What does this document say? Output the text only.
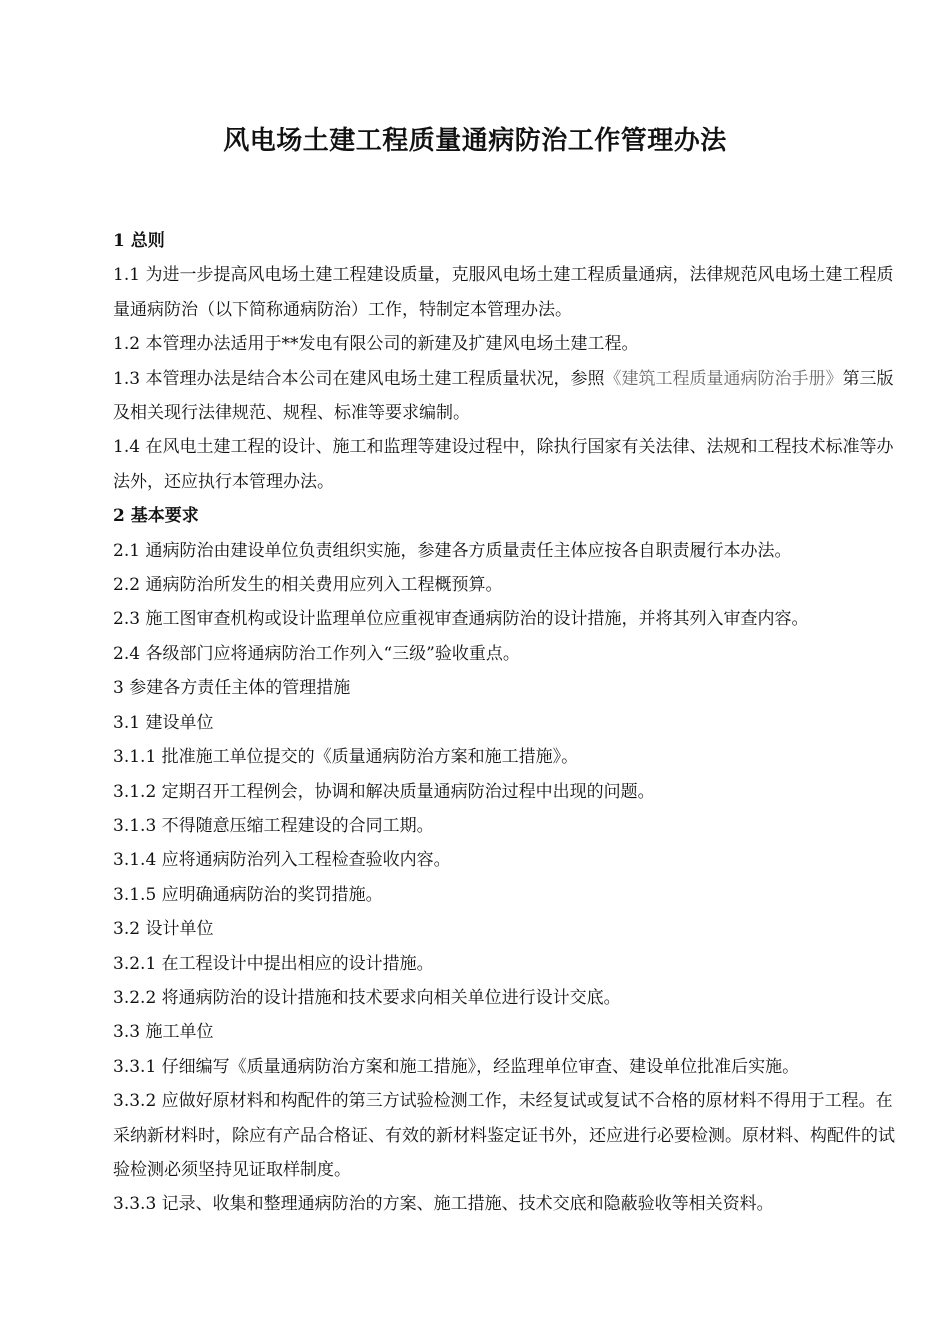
风电场土建工程质量通病防治工作管理办法

1 总则

1.1 为进一步提高风电场土建工程建设质量，克服风电场土建工程质量通病，法律规范风电场土建工程质量通病防治（以下简称通病防治）工作，特制定本管理办法。

1.2 本管理办法适用于**发电有限公司的新建及扩建风电场土建工程。

1.3 本管理办法是结合本公司在建风电场土建工程质量状况，参照《建筑工程质量通病防治手册》第三版及相关现行法律规范、规程、标准等要求编制。

1.4 在风电土建工程的设计、施工和监理等建设过程中，除执行国家有关法律、法规和工程技术标准等办法外，还应执行本管理办法。

2 基本要求

2.1 通病防治由建设单位负责组织实施，参建各方质量责任主体应按各自职责履行本办法。

2.2 通病防治所发生的相关费用应列入工程概预算。

2.3 施工图审查机构或设计监理单位应重视审查通病防治的设计措施，并将其列入审查内容。

2.4 各级部门应将通病防治工作列入“三级”验收重点。

3 参建各方责任主体的管理措施

3.1 建设单位

3.1.1 批准施工单位提交的《质量通病防治方案和施工措施》。

3.1.2 定期召开工程例会，协调和解决质量通病防治过程中出现的问题。

3.1.3 不得随意压缩工程建设的合同工期。

3.1.4 应将通病防治列入工程检查验收内容。

3.1.5 应明确通病防治的奖罚措施。

3.2 设计单位

3.2.1 在工程设计中提出相应的设计措施。

3.2.2 将通病防治的设计措施和技术要求向相关单位进行设计交底。

3.3 施工单位

3.3.1 仔细编写《质量通病防治方案和施工措施》，经监理单位审查、建设单位批准后实施。

3.3.2 应做好原材料和构配件的第三方试验检测工作，未经复试或复试不合格的原材料不得用于工程。在采纳新材料时，除应有产品合格证、有效的新材料鉴定证书外，还应进行必要检测。原材料、构配件的试验检测必须坚持见证取样制度。

3.3.3 记录、收集和整理通病防治的方案、施工措施、技术交底和隐蔽验收等相关资料。
